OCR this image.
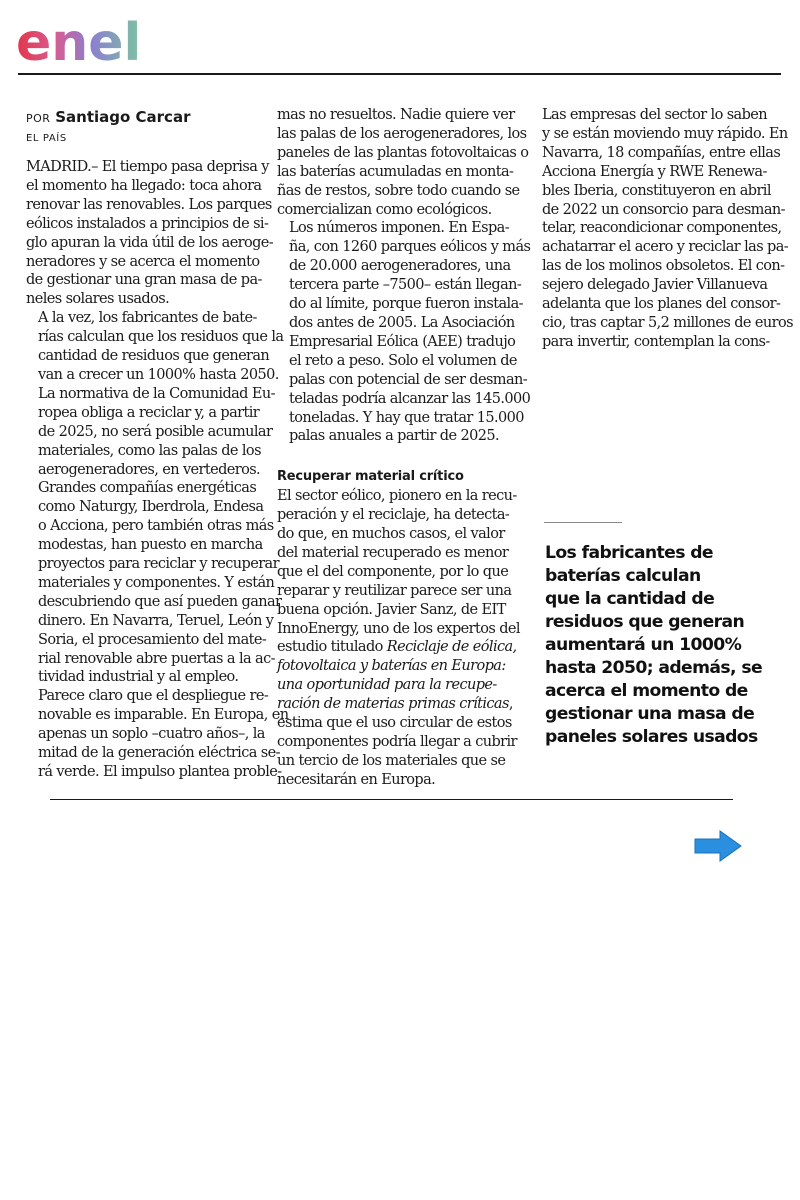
enel
POR Santiago Carcar
EL PAÍS

MADRID.– El tiempo pasa deprisa y
el momento ha llegado: toca ahora
renovar las renovables. Los parques
eólicos instalados a principios de si-
glo apuran la vida útil de los aeroge-
neradores y se acerca el momento
de gestionar una gran masa de pa-
neles solares usados.

A la vez, los fabricantes de bate-
rías calculan que los residuos que la
cantidad de residuos que generan
van a crecer un 1000% hasta 2050.
La normativa de la Comunidad Eu-
ropea obliga a reciclar y, a partir
de 2025, no será posible acumular
materiales, como las palas de los
aerogeneradores, en vertederos.
Grandes compañías energéticas
como Naturgy, Iberdrola, Endesa
o Acciona, pero también otras más
modestas, han puesto en marcha
proyectos para reciclar y recuperar
materiales y componentes. Y están
descubriendo que así pueden ganar
dinero. En Navarra, Teruel, León y
Soria, el procesamiento del mate-
rial renovable abre puertas a la ac-
tividad industrial y al empleo.

Parece claro que el despliegue re-
novable es imparable. En Europa, en
apenas un soplo –cuatro años–, la
mitad de la generación eléctrica se-
rá verde. El impulso plantea proble-

mas no resueltos. Nadie quiere ver
las palas de los aerogeneradores, los
paneles de las plantas fotovoltaicas o
las baterías acumuladas en monta-
ñas de restos, sobre todo cuando se
comercializan como ecológicos.

Los números imponen. En Espa-
ña, con 1260 parques eólicos y más
de 20.000 aerogeneradores, una
tercera parte –7500– están llegan-
do al límite, porque fueron instala-
dos antes de 2005. La Asociación
Empresarial Eólica (AEE) tradujo
el reto a peso. Solo el volumen de
palas con potencial de ser desman-
teladas podría alcanzar las 145.000
toneladas. Y hay que tratar 15.000
palas anuales a partir de 2025.

Recuperar material crítico

El sector eólico, pionero en la recu-
peración y el reciclaje, ha detecta-
do que, en muchos casos, el valor
del material recuperado es menor
que el del componente, por lo que
reparar y reutilizar parece ser una
buena opción. Javier Sanz, de EIT
InnoEnergy, uno de los expertos del
estudio titulado Reciclaje de eólica,
fotovoltaica y baterías en Europa:
una oportunidad para la recupe-
ración de materias primas críticas,
estima que el uso circular de estos
componentes podría llegar a cubrir
un tercio de los materiales que se
necesitarán en Europa.

Las empresas del sector lo saben
y se están moviendo muy rápido. En
Navarra, 18 compañías, entre ellas
Acciona Energía y RWE Renewa-
bles Iberia, constituyeron en abril
de 2022 un consorcio para desman-
telar, reacondicionar componentes,
achatarrar el acero y reciclar las pa-
las de los molinos obsoletos. El con-
sejero delegado Javier Villanueva
adelanta que los planes del consor-
cio, tras captar 5,2 millones de euros
para invertir, contemplan la cons-

Los fabricantes de
baterías calculan
que la cantidad de
residuos que generan
aumentará un 1000%
hasta 2050; además, se
acerca el momento de
gestionar una masa de
paneles solares usados
